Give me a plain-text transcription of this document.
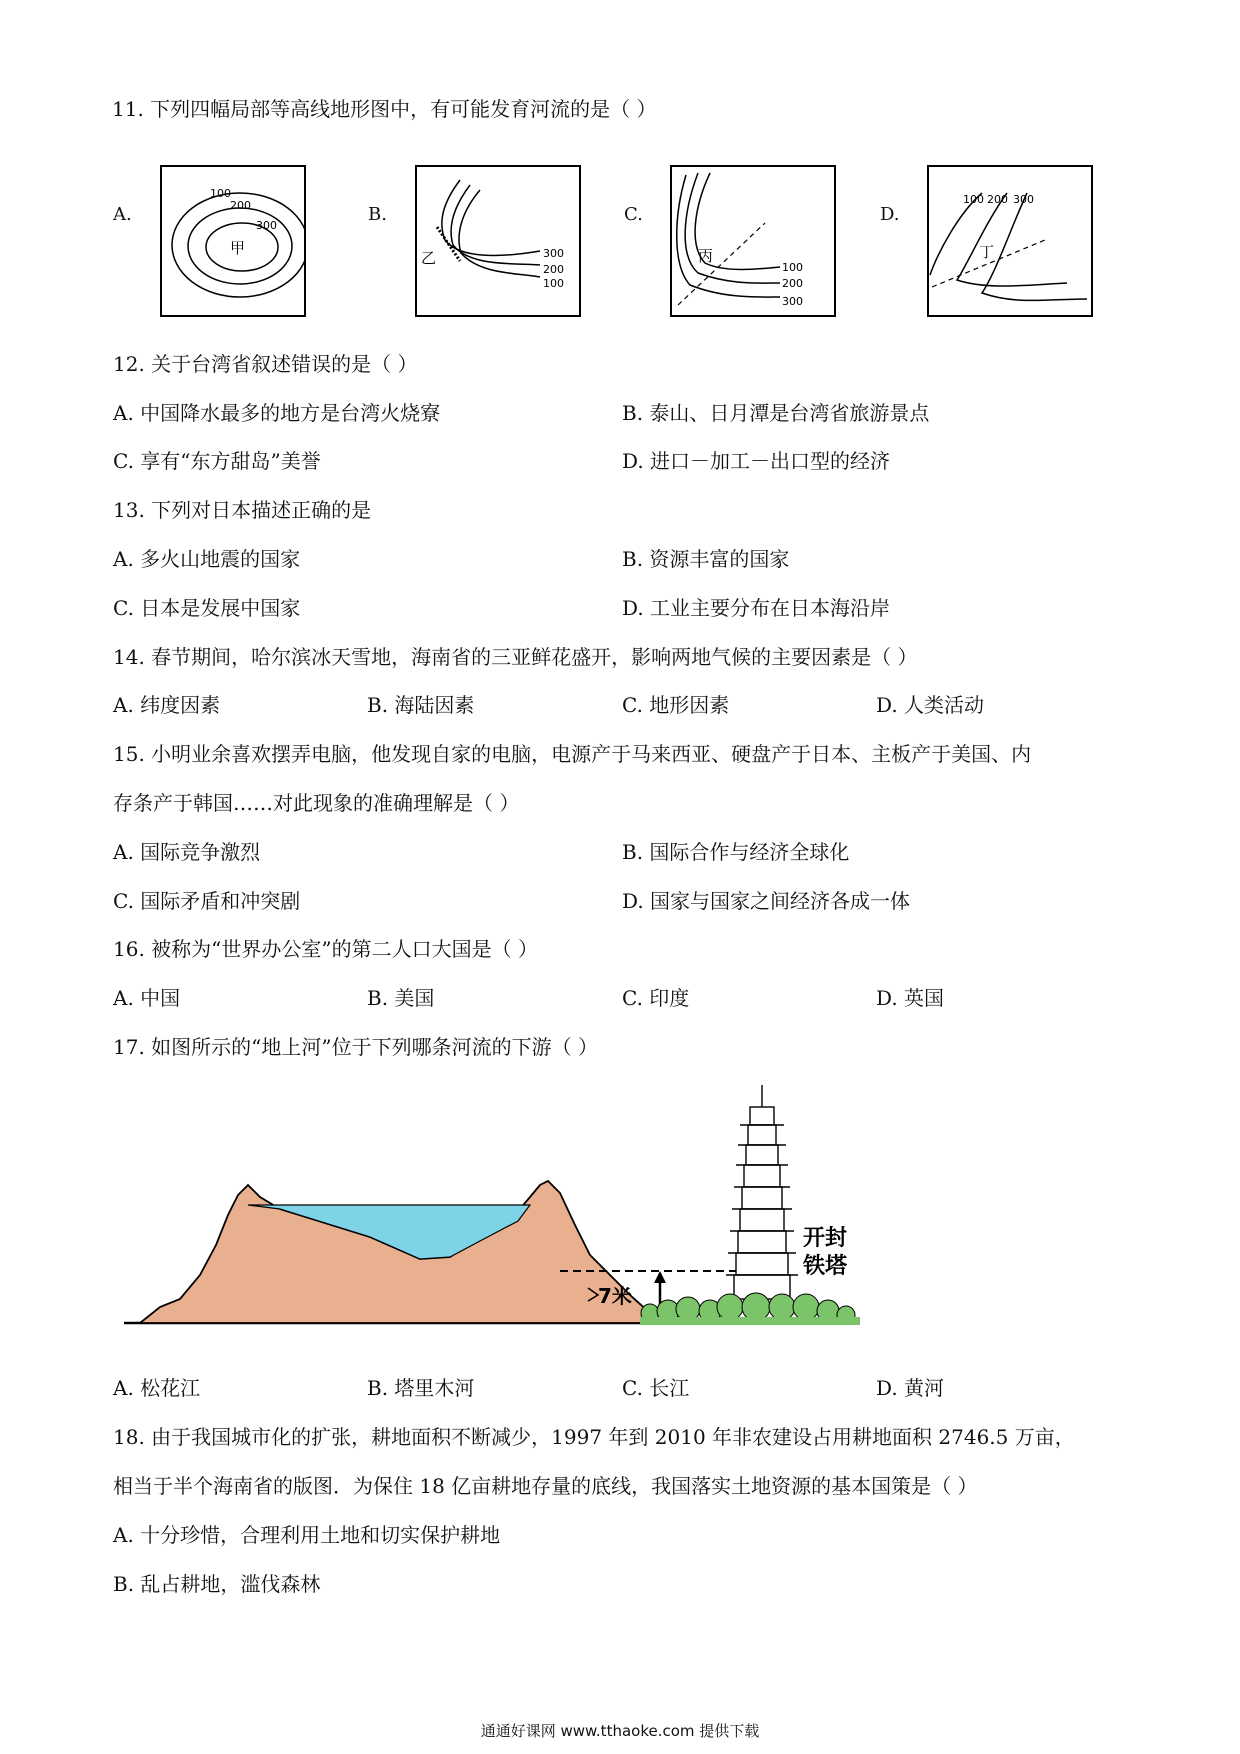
11. 下列四幅局部等高线地形图中，有可能发育河流的是（ ）
A.
100
200
300
甲
B.
300
200
100
乙
C.
100
200
300
丙
D.
100 200 300
丁
12. 关于台湾省叙述错误的是（ ）
A. 中国降水最多的地方是台湾火烧寮	B. 泰山、日月潭是台湾省旅游景点
C. 享有“东方甜岛”美誉	D. 进口－加工－出口型的经济
13. 下列对日本描述正确的是
A. 多火山地震的国家	B. 资源丰富的国家
C. 日本是发展中国家	D. 工业主要分布在日本海沿岸
14. 春节期间，哈尔滨冰天雪地，海南省的三亚鲜花盛开，影响两地气候的主要因素是（ ）
A. 纬度因素	B. 海陆因素	C. 地形因素	D. 人类活动
15. 小明业余喜欢摆弄电脑，他发现自家的电脑，电源产于马来西亚、硬盘产于日本、主板产于美国、内
存条产于韩国……对此现象的准确理解是（ ）
A. 国际竞争激烈	B. 国际合作与经济全球化
C. 国际矛盾和冲突剧	D. 国家与国家之间经济各成一体
16. 被称为“世界办公室”的第二人口大国是（ ）
A. 中国	B. 美国	C. 印度	D. 英国
17. 如图所示的“地上河”位于下列哪条河流的下游（ ）
7米
开封
铁塔
A. 松花江	B. 塔里木河	C. 长江	D. 黄河
18. 由于我国城市化的扩张，耕地面积不断减少，1997 年到 2010 年非农建设占用耕地面积 2746.5 万亩，
相当于半个海南省的版图．为保住 18 亿亩耕地存量的底线，我国落实土地资源的基本国策是（ ）
A. 十分珍惜，合理利用土地和切实保护耕地
B. 乱占耕地，滥伐森林
通通好课网 www.tthaoke.com 提供下载
